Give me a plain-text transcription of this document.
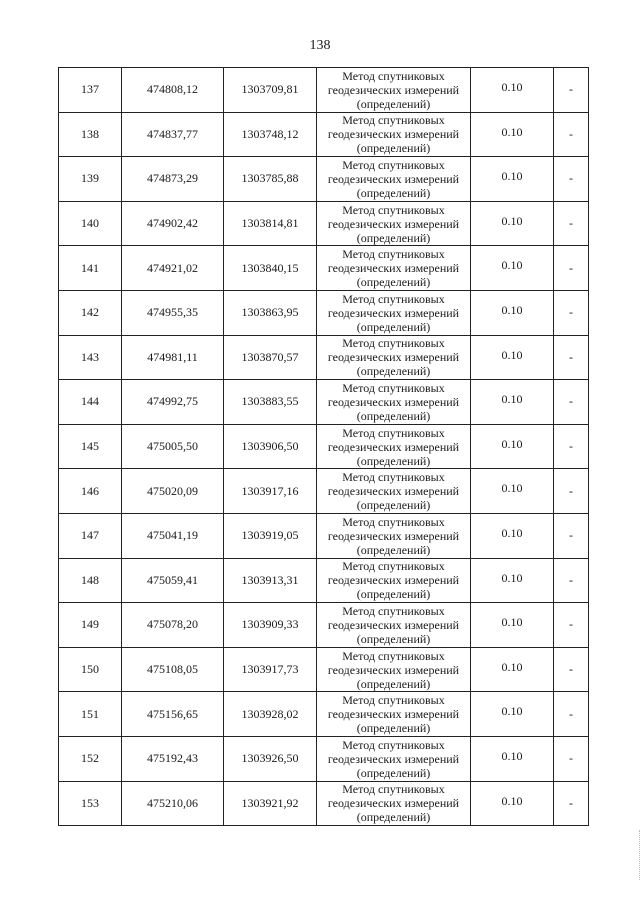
138
137	474808,12	1303709,81	Метод спутниковых
геодезических измерений
(определений)	0.10	-
138	474837,77	1303748,12	Метод спутниковых
геодезических измерений
(определений)	0.10	-
139	474873,29	1303785,88	Метод спутниковых
геодезических измерений
(определений)	0.10	-
140	474902,42	1303814,81	Метод спутниковых
геодезических измерений
(определений)	0.10	-
141	474921,02	1303840,15	Метод спутниковых
геодезических измерений
(определений)	0.10	-
142	474955,35	1303863,95	Метод спутниковых
геодезических измерений
(определений)	0.10	-
143	474981,11	1303870,57	Метод спутниковых
геодезических измерений
(определений)	0.10	-
144	474992,75	1303883,55	Метод спутниковых
геодезических измерений
(определений)	0.10	-
145	475005,50	1303906,50	Метод спутниковых
геодезических измерений
(определений)	0.10	-
146	475020,09	1303917,16	Метод спутниковых
геодезических измерений
(определений)	0.10	-
147	475041,19	1303919,05	Метод спутниковых
геодезических измерений
(определений)	0.10	-
148	475059,41	1303913,31	Метод спутниковых
геодезических измерений
(определений)	0.10	-
149	475078,20	1303909,33	Метод спутниковых
геодезических измерений
(определений)	0.10	-
150	475108,05	1303917,73	Метод спутниковых
геодезических измерений
(определений)	0.10	-
151	475156,65	1303928,02	Метод спутниковых
геодезических измерений
(определений)	0.10	-
152	475192,43	1303926,50	Метод спутниковых
геодезических измерений
(определений)	0.10	-
153	475210,06	1303921,92	Метод спутниковых
геодезических измерений
(определений)	0.10	-
